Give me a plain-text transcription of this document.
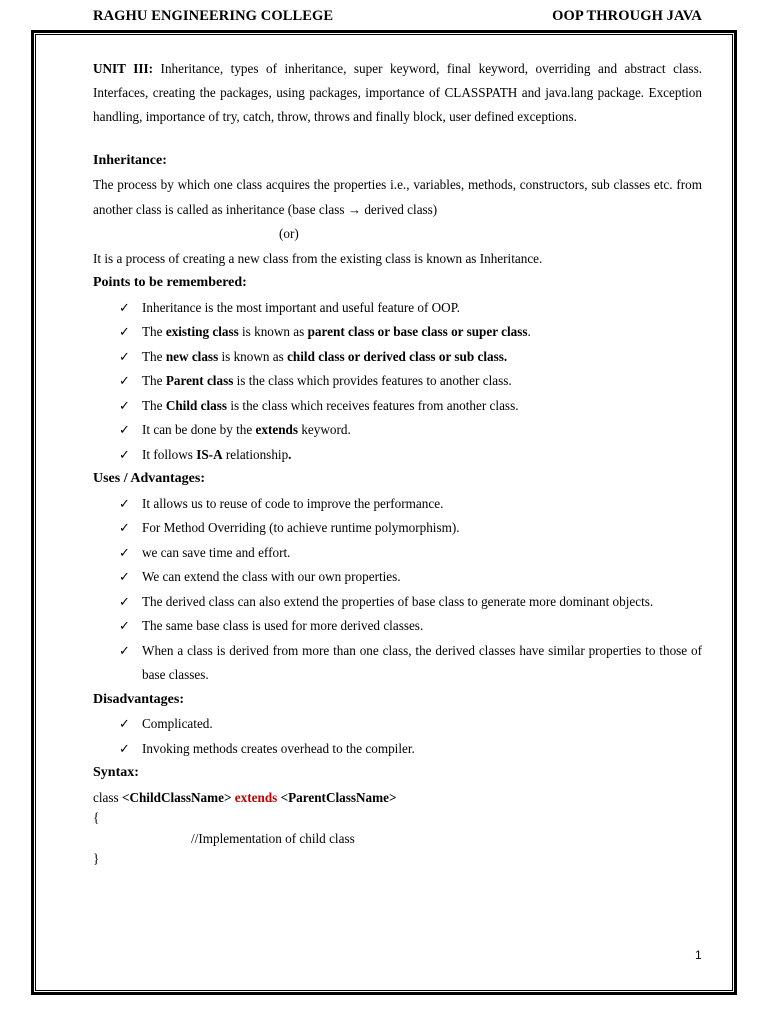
RAGHU ENGINEERING COLLEGE	OOP THROUGH JAVA

UNIT III: Inheritance, types of inheritance, super keyword, final keyword, overriding and abstract class. Interfaces, creating the packages, using packages, importance of CLASSPATH and java.lang package. Exception handling, importance of try, catch, throw, throws and finally block, user defined exceptions.

Inheritance:

The process by which one class acquires the properties i.e., variables, methods, constructors, sub classes etc. from another class is called as inheritance (base class → derived class)

(or)

It is a process of creating a new class from the existing class is known as Inheritance.

Points to be remembered:

✓ Inheritance is the most important and useful feature of OOP.
✓ The existing class is known as parent class or base class or super class.
✓ The new class is known as child class or derived class or sub class.
✓ The Parent class is the class which provides features to another class.
✓ The Child class is the class which receives features from another class.
✓ It can be done by the extends keyword.
✓ It follows IS-A relationship.

Uses / Advantages:

✓ It allows us to reuse of code to improve the performance.
✓ For Method Overriding (to achieve runtime polymorphism).
✓ we can save time and effort.
✓ We can extend the class with our own properties.
✓ The derived class can also extend the properties of base class to generate more dominant objects.
✓ The same base class is used for more derived classes.
✓ When a class is derived from more than one class, the derived classes have similar properties to those of base classes.

Disadvantages:

✓ Complicated.
✓ Invoking methods creates overhead to the compiler.

Syntax:

class <ChildClassName> extends <ParentClassName>

{

//Implementation of child class

}

1
